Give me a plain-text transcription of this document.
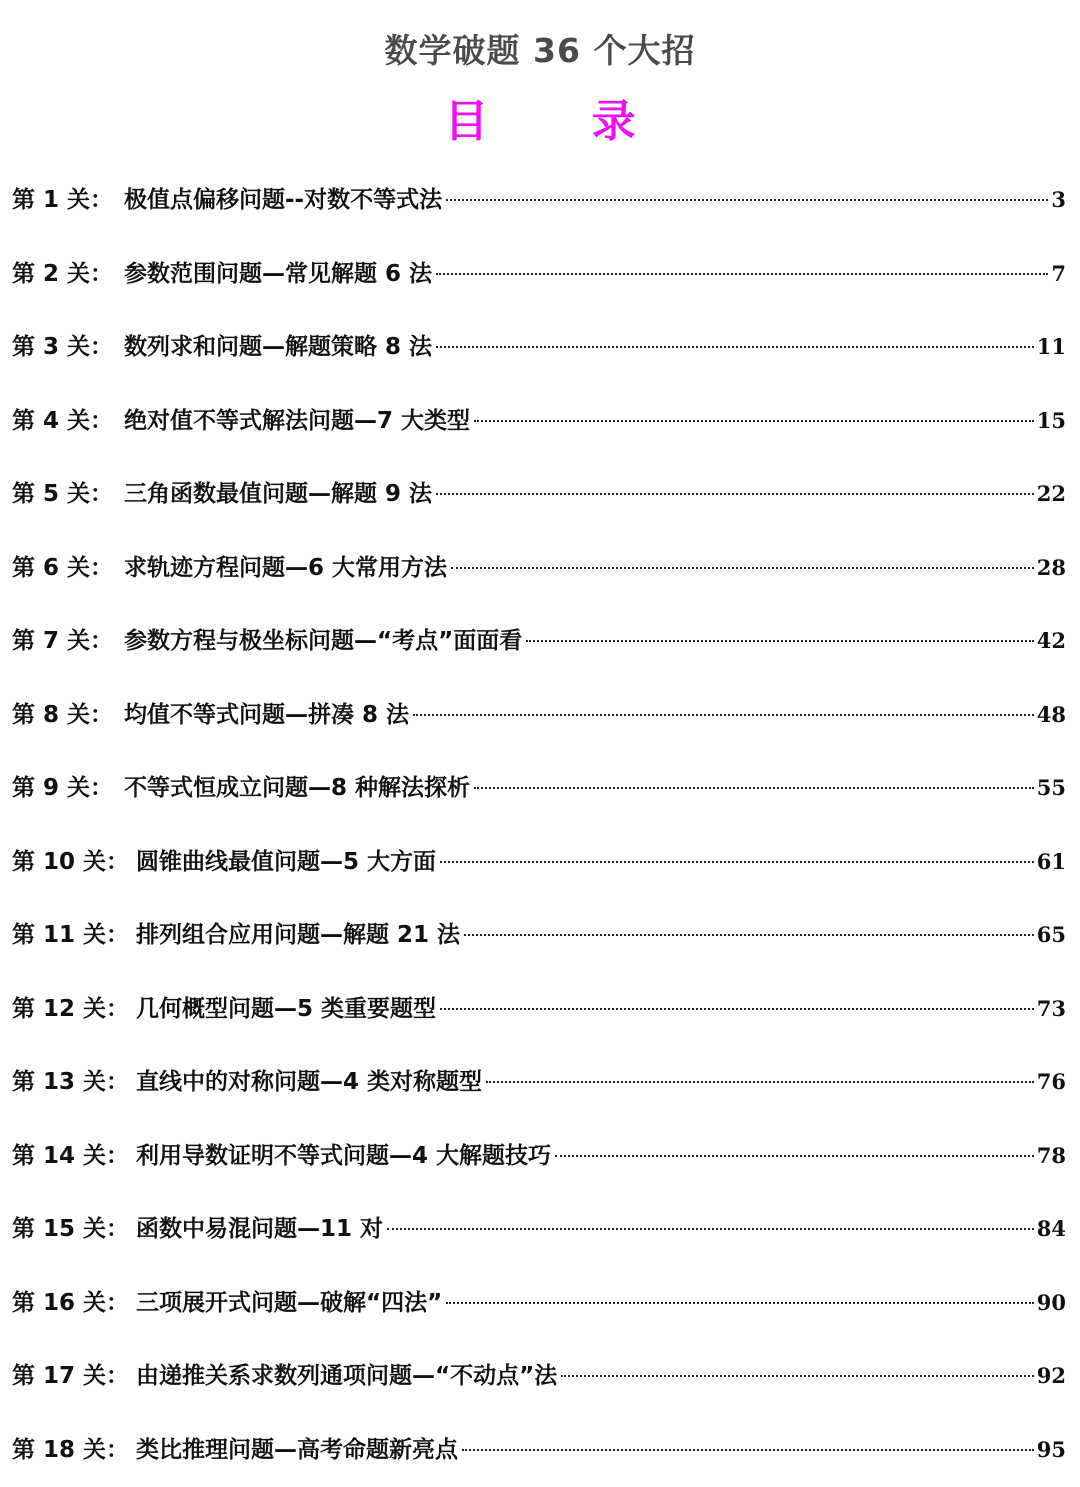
数学破题 36 个大招
目 录
第 1 关： 极值点偏移问题--对数不等式法	3
第 2 关： 参数范围问题—常见解题 6 法	7
第 3 关： 数列求和问题—解题策略 8 法	11
第 4 关： 绝对值不等式解法问题—7 大类型	15
第 5 关： 三角函数最值问题—解题 9 法	22
第 6 关： 求轨迹方程问题—6 大常用方法	28
第 7 关： 参数方程与极坐标问题—“考点”面面看	42
第 8 关： 均值不等式问题—拼凑 8 法	48
第 9 关： 不等式恒成立问题—8 种解法探析	55
第 10 关： 圆锥曲线最值问题—5 大方面	61
第 11 关： 排列组合应用问题—解题 21 法	65
第 12 关： 几何概型问题—5 类重要题型	73
第 13 关： 直线中的对称问题—4 类对称题型	76
第 14 关： 利用导数证明不等式问题—4 大解题技巧	78
第 15 关： 函数中易混问题—11 对	84
第 16 关： 三项展开式问题—破解“四法”	90
第 17 关： 由递推关系求数列通项问题—“不动点”法	92
第 18 关： 类比推理问题—高考命题新亮点	95
